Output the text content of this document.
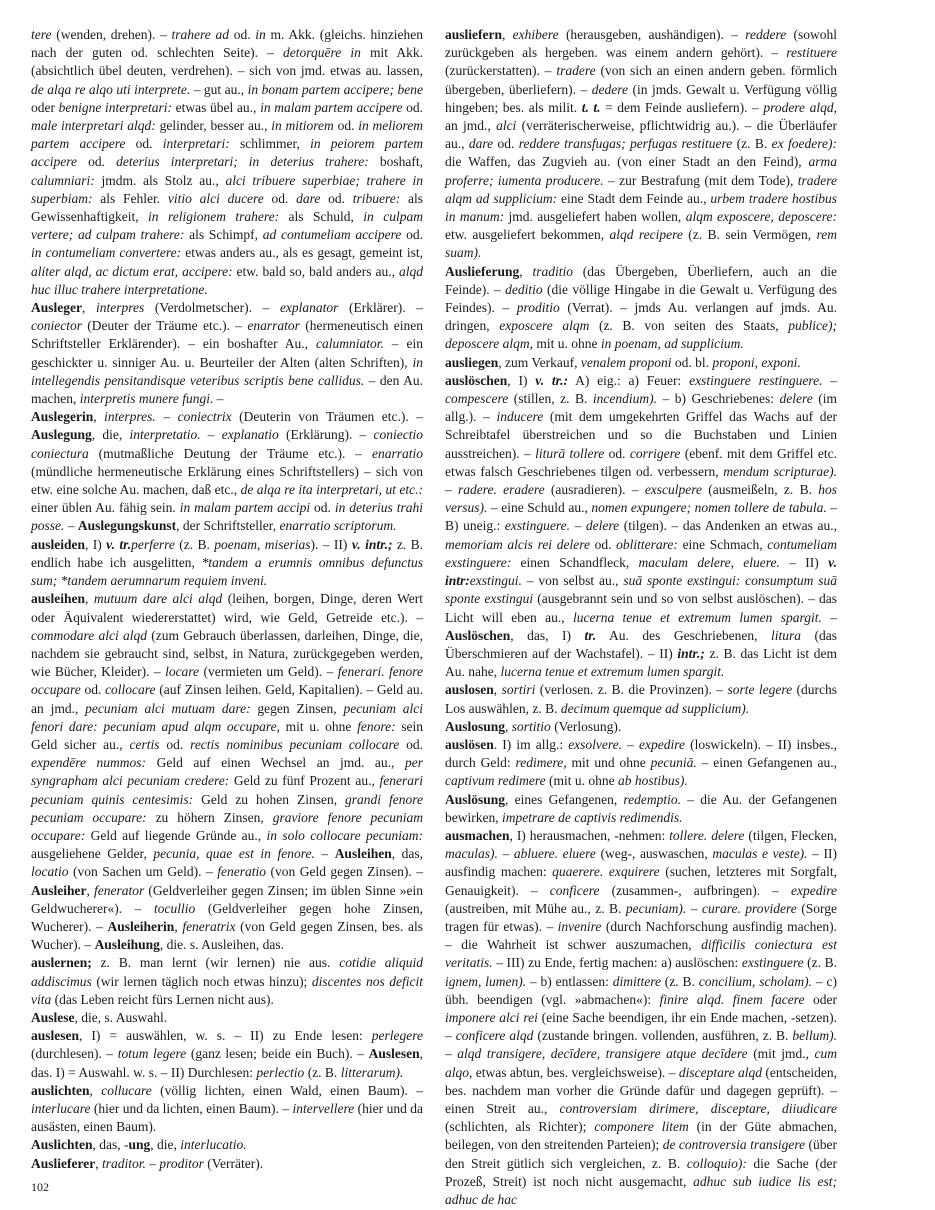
tere (wenden, drehen). – trahere ad od. in m. Akk. (gleichs. hinziehen nach der guten od. schlechten Seite). – detorquēre in mit Akk. (absichtlich übel deuten, verdrehen). – sich von jmd. etwas au. lassen, de alqa re alqo uti interprete. – gut au., in bonam partem accipere; bene oder benigne interpretari: etwas übel au., in malam partem accipere od. male interpretari alqd: gelinder, besser au., in mitiorem od. in meliorem partem accipere od. interpretari: schlimmer, in peiorem partem accipere od. deterius interpretari; in deterius trahere: boshaft, calumniari: jmdm. als Stolz au., alci tribuere superbiae; trahere in superbiam: als Fehler. vitio alci ducere od. dare od. tribuere: als Gewissenhaftigkeit, in religionem trahere: als Schuld, in culpam vertere; ad culpam trahere: als Schimpf, ad contumeliam accipere od. in contumeliam convertere: etwas anders au., als es gesagt, gemeint ist, aliter alqd, ac dictum erat, accipere: etw. bald so, bald anders au., alqd huc illuc trahere interpretatione.

Ausleger, interpres (Verdolmetscher). – explanator (Erklärer). – coniector (Deuter der Träume etc.). – enarrator (hermeneutisch einen Schriftsteller Erklärender). – ein boshafter Au., calumniator. – ein geschickter u. sinniger Au. u. Beurteiler der Alten (alten Schriften), in intellegendis pensitandisque veteribus scriptis bene callidus. – den Au. machen, interpretis munere fungi. –

Auslegerin, interpres. – coniectrix (Deuterin von Träumen etc.). – Auslegung, die, interpretatio. – explanatio (Erklärung). – coniectio coniectura (mutmaßliche Deutung der Träume etc.). – enarratio (mündliche hermeneutische Erklärung eines Schriftstellers) – sich von etw. eine solche Au. machen, daß etc., de alqa re ita interpretari, ut etc.: einer üblen Au. fähig sein. in malam partem accipi od. in deterius trahi posse. – Auslegungskunst, der Schriftsteller, enarratio scriptorum.

ausleiden, I) v. tr.perferre (z. B. poenam, miserias). – II) v. intr.; z. B. endlich habe ich ausgelitten, *tandem a erumnis omnibus defunctus sum; *tandem aerumnarum requiem inveni.

ausleihen, mutuum dare alci alqd (leihen, borgen, Dinge, deren Wert oder Äquivalent wiedererstattet) wird, wie Geld, Getreide etc.). – commodare alci alqd (zum Gebrauch überlassen, darleihen, Dinge, die, nachdem sie gebraucht sind, selbst, in Natura, zurückgegeben werden, wie Bücher, Kleider). – locare (vermieten um Geld). – fenerari. fenore occupare od. collocare (auf Zinsen leihen. Geld, Kapitalien). – Geld au. an jmd., pecuniam alci mutuam dare: gegen Zinsen, pecuniam alci fenori dare: pecuniam apud alqm occupare, mit u. ohne fenore: sein Geld sicher au., certis od. rectis nominibus pecuniam collocare od. expendēre nummos: Geld auf einen Wechsel an jmd. au., per syngrapham alci pecuniam credere: Geld zu fünf Prozent au., fenerari pecuniam quinis centesimis: Geld zu hohen Zinsen, grandi fenore pecuniam occupare: zu höhern Zinsen, graviore fenore pecuniam occupare: Geld auf liegende Gründe au., in solo collocare pecuniam: ausgeliehene Gelder, pecunia, quae est in fenore. – Ausleihen, das, locatio (von Sachen um Geld). – feneratio (von Geld gegen Zinsen). – Ausleiher, fenerator (Geldverleiher gegen Zinsen; im üblen Sinne »ein Geldwucherer«). – tocullio (Geldverleiher gegen hohe Zinsen, Wucherer). – Ausleiherin, feneratrix (von Geld gegen Zinsen, bes. als Wucher). – Ausleihung, die. s. Ausleihen, das.

auslernen; z. B. man lernt (wir lernen) nie aus. cotidie aliquid addiscimus (wir lernen täglich noch etwas hinzu); discentes nos deficit vita (das Leben reicht fürs Lernen nicht aus).

Auslese, die, s. Auswahl.

auslesen, I) = auswählen, w. s. – II) zu Ende lesen: perlegere (durchlesen). – totum legere (ganz lesen; beide ein Buch). – Auslesen, das. I) = Auswahl. w. s. – II) Durchlesen: perlectio (z. B. litterarum).

auslichten, collucare (völlig lichten, einen Wald, einen Baum). – interlucare (hier und da lichten, einen Baum). – intervellere (hier und da ausästen, einen Baum).

Auslichten, das, -ung, die, interlucatio.

Auslieferer, traditor. – proditor (Verräter).

ausliefern, exhibere (herausgeben, aushändigen). – reddere (sowohl zurückgeben als hergeben. was einem andern gehört). – restituere (zurückerstatten). – tradere (von sich an einen andern geben. förmlich übergeben, überliefern). – dedere (in jmds. Gewalt u. Verfügung völlig hingeben; bes. als milit. t. t. = dem Feinde ausliefern). – prodere alqd, an jmd., alci (verräterischerweise, pflichtwidrig au.). – die Überläufer au., dare od. reddere transfugas; perfugas restituere (z. B. ex foedere): die Waffen, das Zugvieh au. (von einer Stadt an den Feind), arma proferre; iumenta producere. – zur Bestrafung (mit dem Tode), tradere alqm ad supplicium: eine Stadt dem Feinde au., urbem tradere hostibus in manum: jmd. ausgeliefert haben wollen, alqm exposcere, deposcere: etw. ausgeliefert bekommen, alqd recipere (z. B. sein Vermögen, rem suam).

Auslieferung, traditio (das Übergeben, Überliefern, auch an die Feinde). – deditio (die völlige Hingabe in die Gewalt u. Verfügung des Feindes). – proditio (Verrat). – jmds Au. verlangen auf jmds. Au. dringen, exposcere alqm (z. B. von seiten des Staats, publice); deposcere alqm, mit u. ohne in poenam, ad supplicium.

ausliegen, zum Verkauf, venalem proponi od. bl. proponi, exponi.

auslöschen, I) v. tr.: A) eig.: a) Feuer: exstinguere restinguere. – compescere (stillen, z. B. incendium). – b) Geschriebenes: delere (im allg.). – inducere (mit dem umgekehrten Griffel das Wachs auf der Schreibtafel überstreichen und so die Buchstaben und Linien ausstreichen). – liturā tollere od. corrigere (ebenf. mit dem Griffel etc. etwas falsch Geschriebenes tilgen od. verbessern, mendum scripturae). – radere. eradere (ausradieren). – exsculpere (ausmeißeln, z. B. hos versus). – eine Schuld au., nomen expungere; nomen tollere de tabula. – B) uneig.: exstinguere. – delere (tilgen). – das Andenken an etwas au., memoriam alcis rei delere od. oblitterare: eine Schmach, contumeliam exstinguere: einen Schandfleck, maculam delere, eluere. – II) v. intr:exstingui. – von selbst au., suā sponte exstingui: consumptum suā sponte exstingui (ausgebrannt sein und so von selbst auslöschen). – das Licht will eben au., lucerna tenue et extremum lumen spargit. – Auslöschen, das, I) tr. Au. des Geschriebenen, litura (das Überschmieren auf der Wachstafel). – II) intr.; z. B. das Licht ist dem Au. nahe, lucerna tenue et extremum lumen spargit.

auslosen, sortiri (verlosen. z. B. die Provinzen). – sorte legere (durchs Los auswählen, z. B. decimum quemque ad supplicium).

Auslosung, sortitio (Verlosung).

auslösen. I) im allg.: exsolvere. – expedire (loswickeln). – II) insbes., durch Geld: redimere, mit und ohne pecuniā. – einen Gefangenen au., captivum redimere (mit u. ohne ab hostibus).

Auslösung, eines Gefangenen, redemptio. – die Au. der Gefangenen bewirken, impetrare de captivis redimendis.

ausmachen, I) herausmachen, -nehmen: tollere. delere (tilgen, Flecken, maculas). – abluere. eluere (weg-, auswaschen, maculas e veste). – II) ausfindig machen: quaerere. exquirere (suchen, letzteres mit Sorgfalt, Genauigkeit). – conficere (zusammen-, aufbringen). – expedire (austreiben, mit Mühe au., z. B. pecuniam). – curare. providere (Sorge tragen für etwas). – invenire (durch Nachforschung ausfindig machen). – die Wahrheit ist schwer auszumachen, difficilis coniectura est veritatis. – III) zu Ende, fertig machen: a) auslöschen: exstinguere (z. B. ignem, lumen). – b) entlassen: dimittere (z. B. concilium, scholam). – c) übh. beendigen (vgl. »abmachen«): finire alqd. finem facere oder imponere alci rei (eine Sache beendigen, ihr ein Ende machen, -setzen). – conficere alqd (zustande bringen. vollenden, ausführen, z. B. bellum). – alqd transigere, decīdere, transigere atque decīdere (mit jmd., cum alqo, etwas abtun, bes. vergleichsweise). – disceptare alqd (entscheiden, bes. nachdem man vorher die Gründe dafür und dagegen geprüft). – einen Streit au., controversiam dirimere, disceptare, diiudicare (schlichten, als Richter); componere litem (in der Güte abmachen, beilegen, von den streitenden Parteien); de controversia transigere (über den Streit gütlich sich vergleichen, z. B. colloquio): die Sache (der Prozeß, Streit) ist noch nicht ausgemacht, adhuc sub iudice lis est; adhuc de hac

102
